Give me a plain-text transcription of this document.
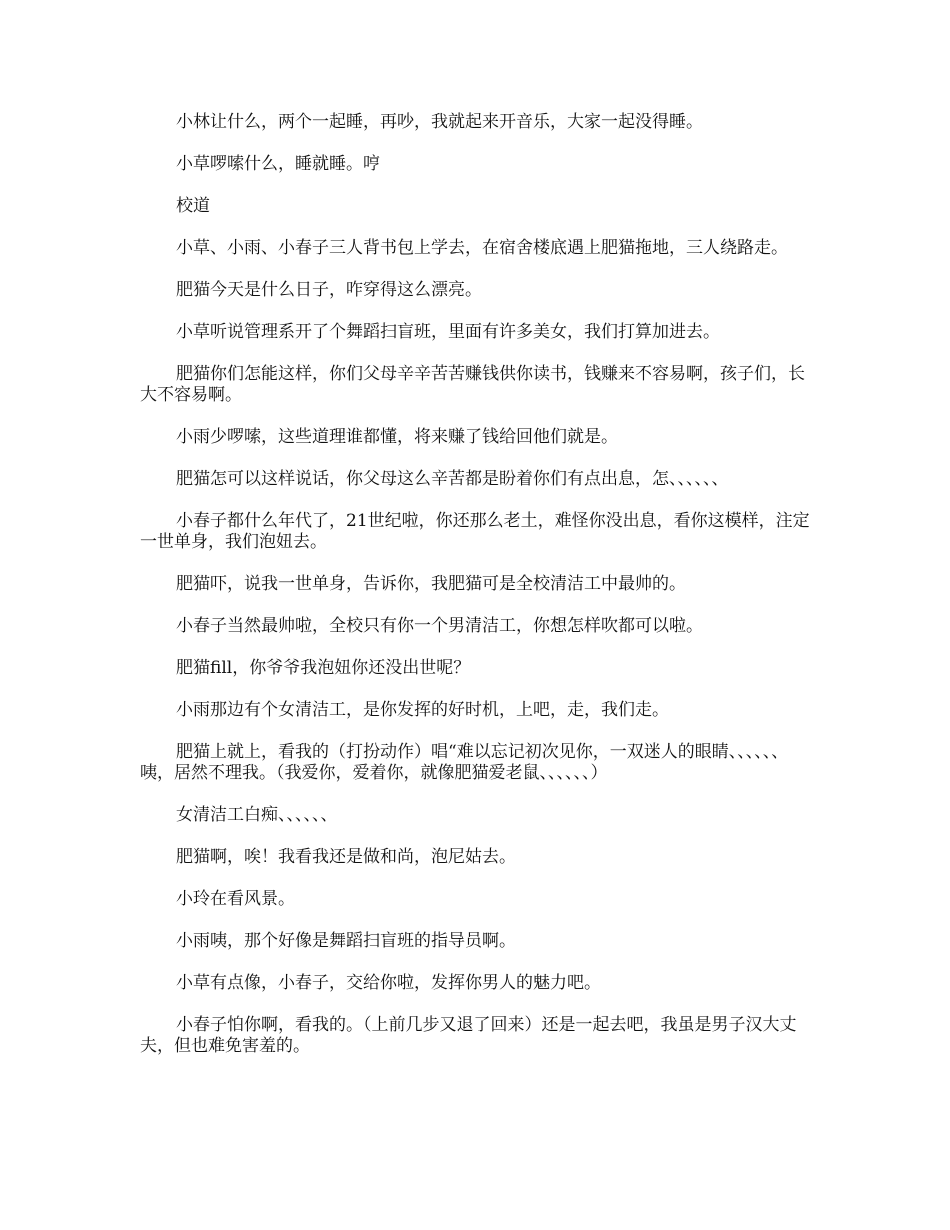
小林让什么，两个一起睡，再吵，我就起来开音乐，大家一起没得睡。

小草啰嗦什么，睡就睡。哼

校道

小草、小雨、小春子三人背书包上学去，在宿舍楼底遇上肥猫拖地，三人绕路走。

肥猫今天是什么日子，咋穿得这么漂亮。

小草听说管理系开了个舞蹈扫盲班，里面有许多美女，我们打算加进去。

肥猫你们怎能这样，你们父母辛辛苦苦赚钱供你读书，钱赚来不容易啊，孩子们，长大不容易啊。

小雨少啰嗦，这些道理谁都懂，将来赚了钱给回他们就是。

肥猫怎可以这样说话，你父母这么辛苦都是盼着你们有点出息，怎、、、、、、

小春子都什么年代了，21世纪啦，你还那么老土，难怪你没出息，看你这模样，注定一世单身，我们泡妞去。

肥猫吓，说我一世单身，告诉你，我肥猫可是全校清洁工中最帅的。

小春子当然最帅啦，全校只有你一个男清洁工，你想怎样吹都可以啦。

肥猫fill，你爷爷我泡妞你还没出世呢？

小雨那边有个女清洁工，是你发挥的好时机，上吧，走，我们走。

肥猫上就上，看我的（打扮动作）唱“难以忘记初次见你，一双迷人的眼睛、、、、、、咦，居然不理我。（我爱你，爱着你，就像肥猫爱老鼠、、、、、、）

女清洁工白痴、、、、、、

肥猫啊，唉！我看我还是做和尚，泡尼姑去。

小玲在看风景。

小雨咦，那个好像是舞蹈扫盲班的指导员啊。

小草有点像，小春子，交给你啦，发挥你男人的魅力吧。

小春子怕你啊，看我的。（上前几步又退了回来）还是一起去吧，我虽是男子汉大丈夫，但也难免害羞的。
